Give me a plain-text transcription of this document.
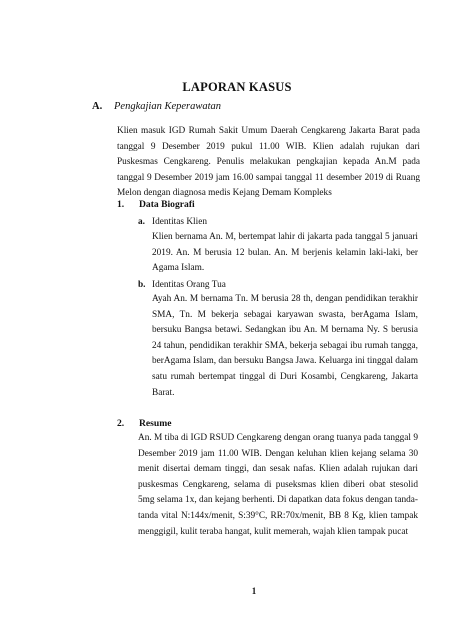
LAPORAN KASUS
A. Pengkajian Keperawatan

Klien masuk IGD Rumah Sakit Umum Daerah Cengkareng Jakarta Barat pada tanggal 9 Desember 2019 pukul 11.00 WIB. Klien adalah rujukan dari Puskesmas Cengkareng. Penulis melakukan pengkajian kepada An.M pada tanggal 9 Desember 2019 jam 16.00 sampai tanggal 11 desember 2019 di Ruang Melon dengan diagnosa medis Kejang Demam Kompleks

1. Data Biografi
a. Identitas Klien

Klien bernama An. M, bertempat lahir di jakarta pada tanggal 5 januari 2019. An. M berusia 12 bulan. An. M berjenis kelamin laki-laki, ber Agama Islam.

b. Identitas Orang Tua

Ayah An. M bernama Tn. M berusia 28 th, dengan pendidikan terakhir SMA, Tn. M bekerja sebagai karyawan swasta, berAgama Islam, bersuku Bangsa betawi. Sedangkan ibu An. M bernama Ny. S berusia 24 tahun, pendidikan terakhir SMA, bekerja sebagai ibu rumah tangga, berAgama Islam, dan bersuku Bangsa Jawa. Keluarga ini tinggal dalam satu rumah bertempat tinggal di Duri Kosambi, Cengkareng, Jakarta Barat.

2. Resume

An. M tiba di IGD RSUD Cengkareng dengan orang tuanya pada tanggal 9 Desember 2019 jam 11.00 WIB. Dengan keluhan klien kejang selama 30 menit disertai demam tinggi, dan sesak nafas. Klien adalah rujukan dari puskesmas Cengkareng, selama di puseksmas klien diberi obat stesolid 5mg selama 1x, dan kejang berhenti. Di dapatkan data fokus dengan tanda-tanda vital N:144x/menit, S:39°C, RR:70x/menit, BB 8 Kg, klien tampak menggigil, kulit teraba hangat, kulit memerah, wajah klien tampak pucat

1
